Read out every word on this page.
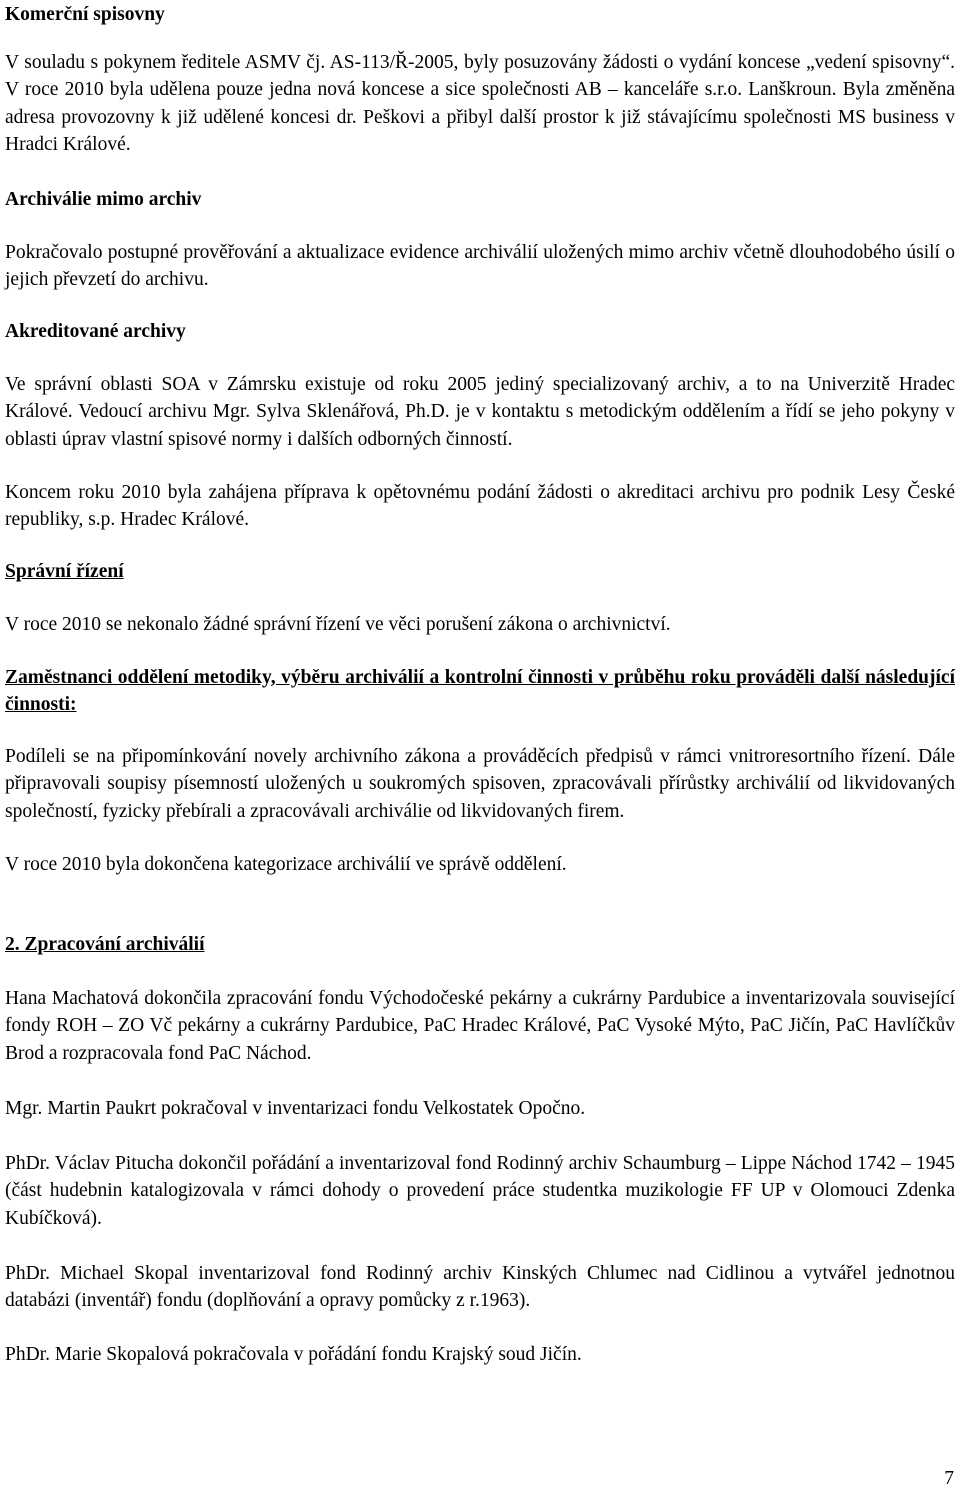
Komerční spisovny

V souladu s pokynem ředitele ASMV čj. AS-113/Ř-2005, byly posuzovány žádosti o vydání koncese „vedení spisovny“. V roce 2010 byla udělena pouze jedna nová koncese a sice společnosti AB – kanceláře s.r.o. Lanškroun. Byla změněna adresa provozovny k již udělené koncesi dr. Peškovi a přibyl další prostor k již stávajícímu společnosti MS business v Hradci Králové.

Archiválie mimo archiv

Pokračovalo postupné prověřování a aktualizace evidence archiválií uložených mimo archiv včetně dlouhodobého úsilí o jejich převzetí do archivu.

Akreditované archivy

Ve správní oblasti SOA v Zámrsku existuje od roku 2005 jediný specializovaný archiv, a to na Univerzitě Hradec Králové. Vedoucí archivu Mgr. Sylva Sklenářová, Ph.D. je v kontaktu s metodickým oddělením a řídí se jeho pokyny v oblasti úprav vlastní spisové normy i dalších odborných činností.

Koncem roku 2010 byla zahájena příprava k opětovnému podání žádosti o akreditaci archivu pro podnik Lesy České republiky, s.p. Hradec Králové.

Správní řízení

V roce 2010 se nekonalo žádné správní řízení ve věci porušení zákona o archivnictví.

Zaměstnanci oddělení metodiky, výběru archiválií a kontrolní činnosti v průběhu roku prováděli další následující činnosti:

Podíleli se na připomínkování novely archivního zákona a prováděcích předpisů v rámci vnitroresortního řízení. Dále připravovali soupisy písemností uložených u soukromých spisoven, zpracovávali přírůstky archiválií od likvidovaných společností, fyzicky přebírali a zpracovávali archiválie od likvidovaných firem.

V roce 2010 byla dokončena kategorizace archiválií ve správě oddělení.

2. Zpracování archiválií

Hana Machatová dokončila zpracování fondu Východočeské pekárny a cukrárny Pardubice a inventarizovala související fondy ROH – ZO Vč pekárny a cukrárny Pardubice, PaC Hradec Králové, PaC Vysoké Mýto, PaC Jičín, PaC Havlíčkův Brod a rozpracovala fond PaC Náchod.

Mgr. Martin Paukrt pokračoval v inventarizaci fondu Velkostatek Opočno.

PhDr. Václav Pitucha dokončil pořádání a inventarizoval fond Rodinný archiv Schaumburg – Lippe Náchod 1742 – 1945 (část hudebnin katalogizovala v rámci dohody o provedení práce studentka muzikologie FF UP v Olomouci Zdenka Kubíčková).

PhDr. Michael Skopal inventarizoval fond Rodinný archiv Kinských Chlumec nad Cidlinou a vytvářel jednotnou databázi (inventář) fondu (doplňování a opravy pomůcky z r.1963).

PhDr. Marie Skopalová pokračovala v pořádání fondu Krajský soud Jičín.

7
